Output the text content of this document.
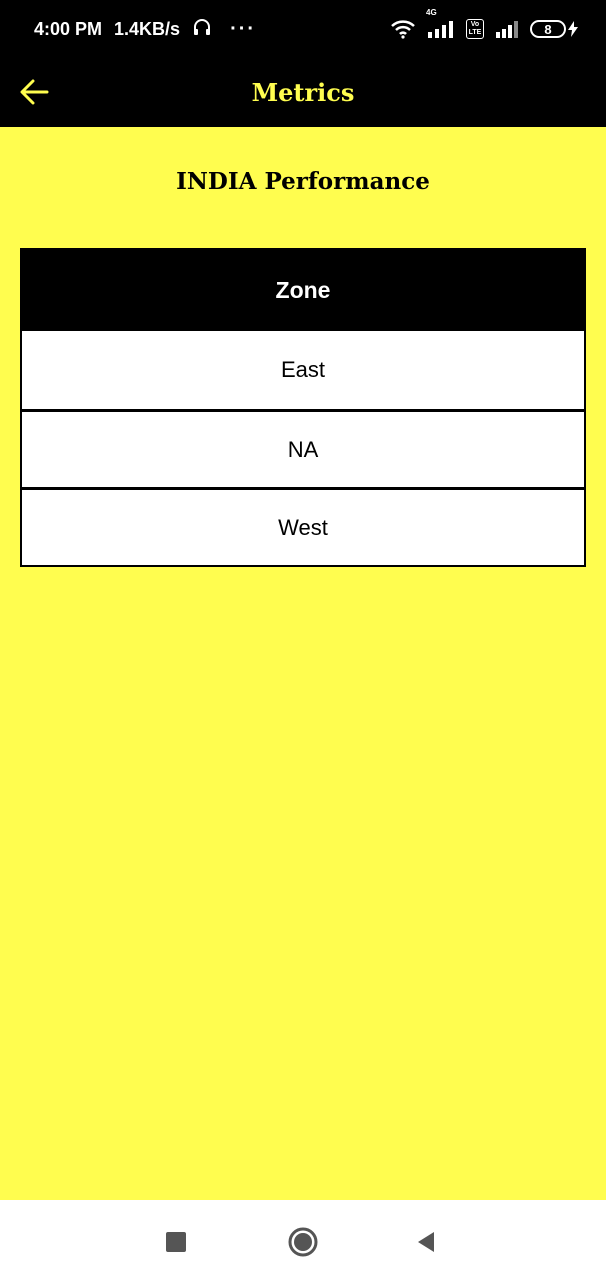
4:00 PM 1.4KB/s	···
4G
Vo LTE	8
Metrics
INDIA Performance
Zone
East
NA
West
